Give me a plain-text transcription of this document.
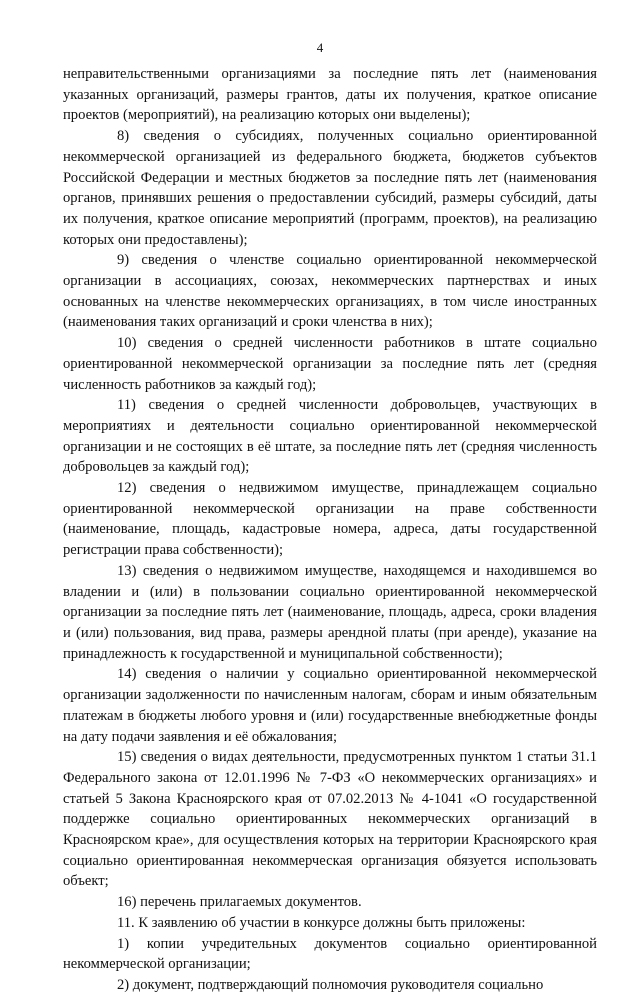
4

неправительственными организациями за последние пять лет (наименования указанных организаций, размеры грантов, даты их получения, краткое описание проектов (мероприятий), на реализацию которых они выделены);

8) сведения о субсидиях, полученных социально ориентированной некоммерческой организацией из федерального бюджета, бюджетов субъектов Российской Федерации и местных бюджетов за последние пять лет (наименования органов, принявших решения о предоставлении субсидий, размеры субсидий, даты их получения, краткое описание мероприятий (программ, проектов), на реализацию которых они предоставлены);

9) сведения о членстве социально ориентированной некоммерческой организации в ассоциациях, союзах, некоммерческих партнерствах и иных основанных на членстве некоммерческих организациях, в том числе иностранных (наименования таких организаций и сроки членства в них);

10) сведения о средней численности работников в штате социально ориентированной некоммерческой организации за последние пять лет (средняя численность работников за каждый год);

11) сведения о средней численности добровольцев, участвующих в мероприятиях и деятельности социально ориентированной некоммерческой организации и не состоящих в её штате, за последние пять лет (средняя численность добровольцев за каждый год);

12) сведения о недвижимом имуществе, принадлежащем социально ориентированной некоммерческой организации на праве собственности (наименование, площадь, кадастровые номера, адреса, даты государственной регистрации права собственности);

13) сведения о недвижимом имуществе, находящемся и находившемся во владении и (или) в пользовании социально ориентированной некоммерческой организации за последние пять лет (наименование, площадь, адреса, сроки владения и (или) пользования, вид права, размеры арендной платы (при аренде), указание на принадлежность к государственной и муниципальной собственности);

14) сведения о наличии у социально ориентированной некоммерческой организации задолженности по начисленным налогам, сборам и иным обязательным платежам в бюджеты любого уровня и (или) государственные внебюджетные фонды на дату подачи заявления и её обжалования;

15) сведения о видах деятельности, предусмотренных пунктом 1 статьи 31.1 Федерального закона от 12.01.1996 № 7-ФЗ «О некоммерческих организациях» и статьей 5 Закона Красноярского края от 07.02.2013 № 4-1041 «О государственной поддержке социально ориентированных некоммерческих организаций в Красноярском крае», для осуществления которых на территории Красноярского края социально ориентированная некоммерческая организация обязуется использовать объект;

16) перечень прилагаемых документов.

11. К заявлению об участии в конкурсе должны быть приложены:

1) копии учредительных документов социально ориентированной некоммерческой организации;

2) документ, подтверждающий полномочия руководителя социально
